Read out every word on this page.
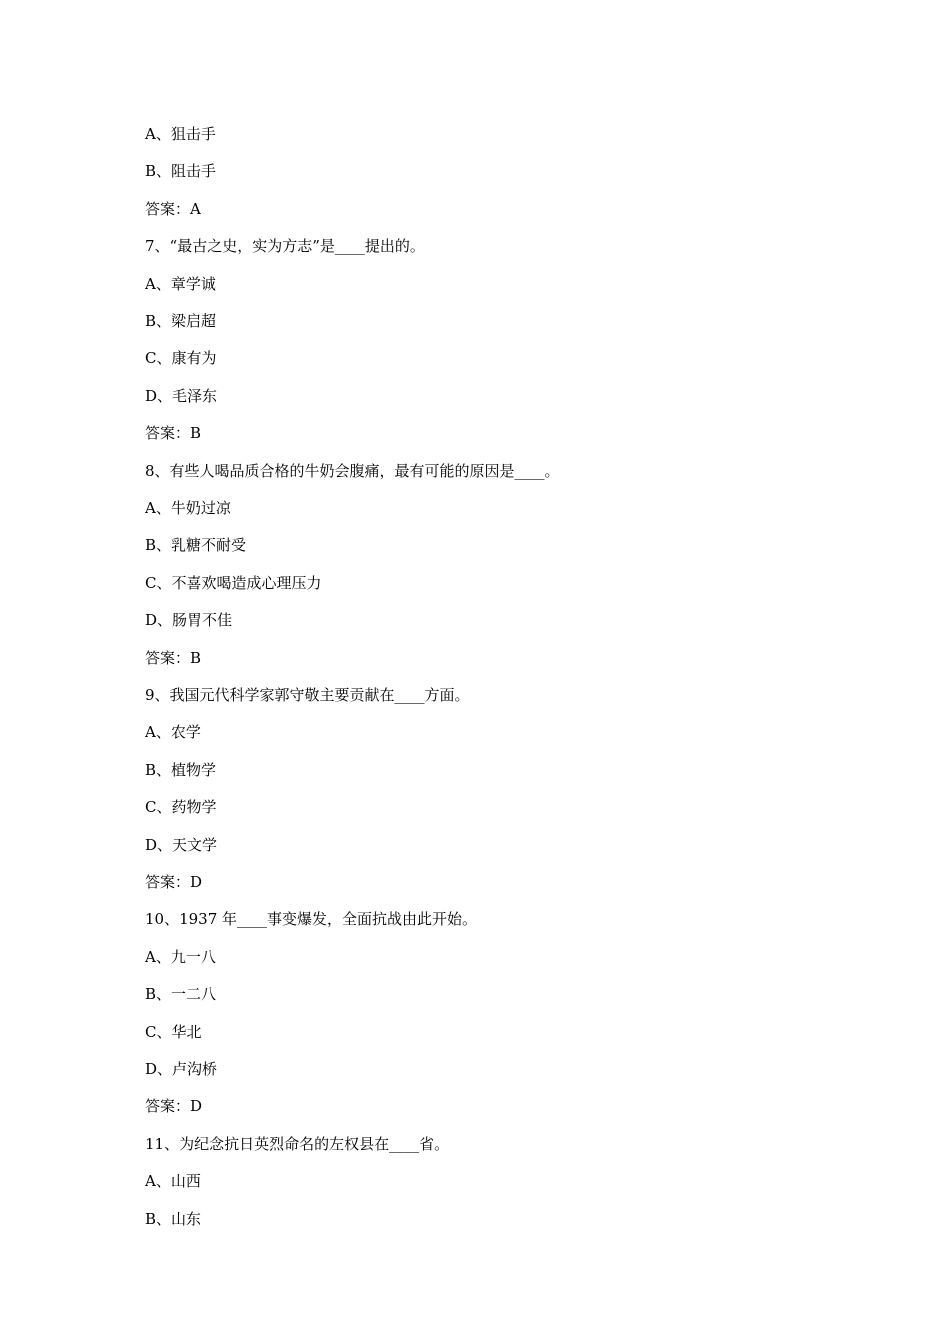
A、狙击手
B、阻击手
答案：A
7、“最古之史，实为方志”是____提出的。
A、章学诚
B、梁启超
C、康有为
D、毛泽东
答案：B
8、有些人喝品质合格的牛奶会腹痛，最有可能的原因是____。
A、牛奶过凉
B、乳糖不耐受
C、不喜欢喝造成心理压力
D、肠胃不佳
答案：B
9、我国元代科学家郭守敬主要贡献在____方面。
A、农学
B、植物学
C、药物学
D、天文学
答案：D
10、1937 年____事变爆发，全面抗战由此开始。
A、九一八
B、一二八
C、华北
D、卢沟桥
答案：D
11、为纪念抗日英烈命名的左权县在____省。
A、山西
B、山东
